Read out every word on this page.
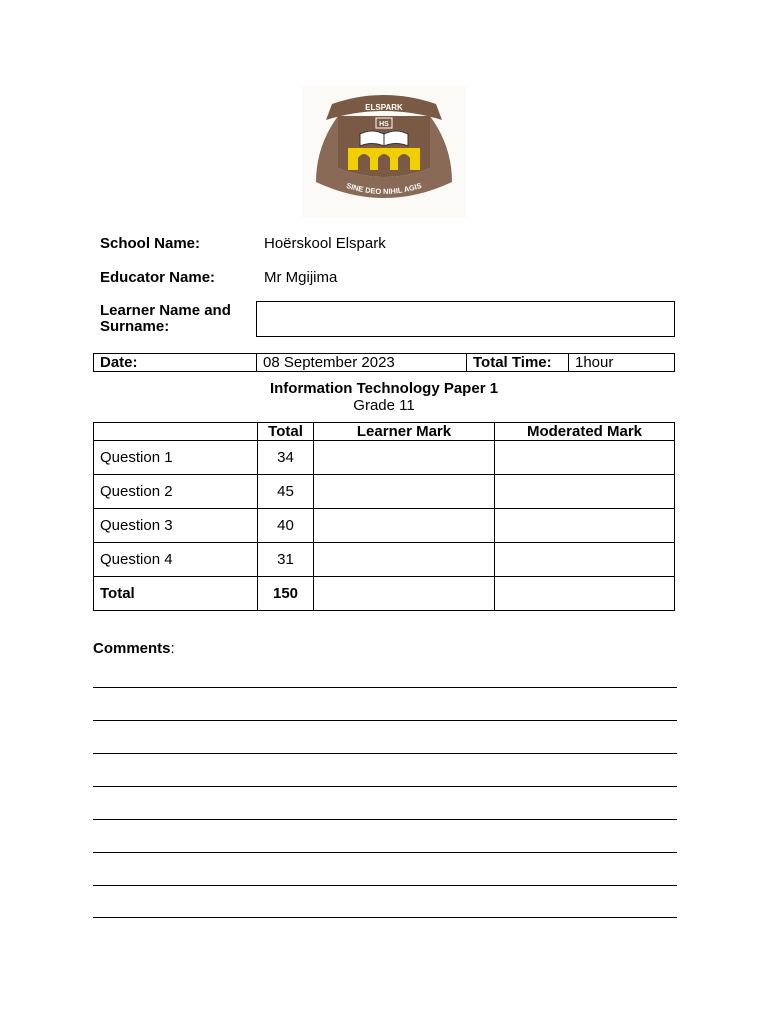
ELSPARK
HS
SINE DEO NIHIL AGIS
School Name:	Hoërskool Elspark
Educator Name:	Mr Mgijima
Learner Name and
Surname:
Date:	08 September 2023	Total Time:	1hour
Information Technology Paper 1
Grade 11
	Total	Learner Mark	Moderated Mark
Question 1	34		
Question 2	45		
Question 3	40		
Question 4	31		
Total	150		
Comments:
